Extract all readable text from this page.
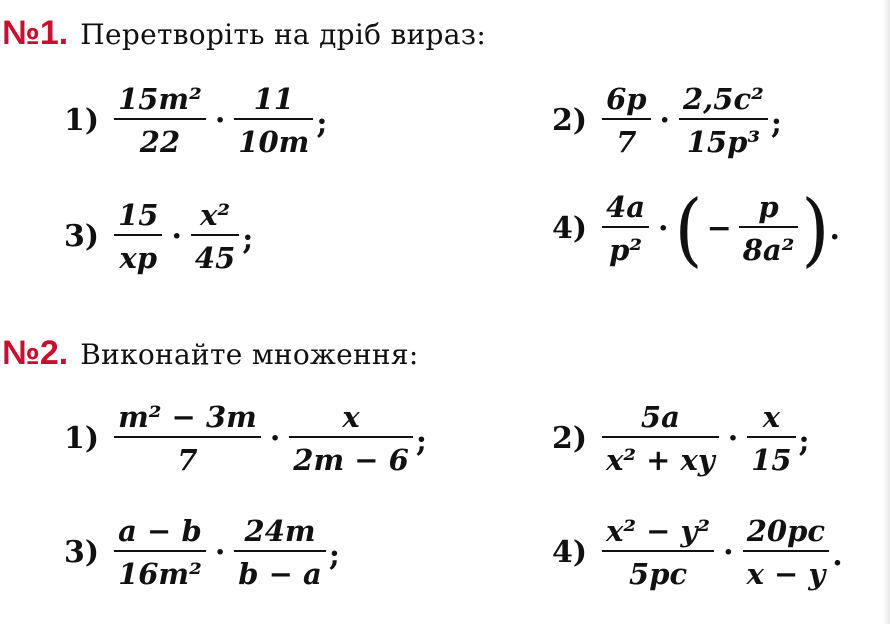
№1. Перетворіть на дріб вираз:
$1) \frac{\text{15m²}}{22} \cdot \frac{11}{10m}$ ;	$2) \frac{6p}{7} \cdot \frac{\text{2,5c²}}{\text{15p³}}$ ;
$3) \frac{15}{xp} \cdot \frac{\text{x²}}{45}$ ;	$4) \frac{4a}{\text{p²}}$ · ( − $\frac{p}{\text{8a²}}$ ) .
№2. Виконайте множення:
$1) \frac{\text{m² − 3m}}{7} \cdot \frac{x}{2m - 6}$ ;	$2) \frac{5a}{\text{x² + xy}} \cdot \frac{x}{15}$ ;
$3) \frac{a - b}{\text{16m²}} \cdot \frac{24m}{b - a}$ ;	$4) \frac{\text{x² − y²}}{5pc} \cdot \frac{20pc}{x - y}$ .
